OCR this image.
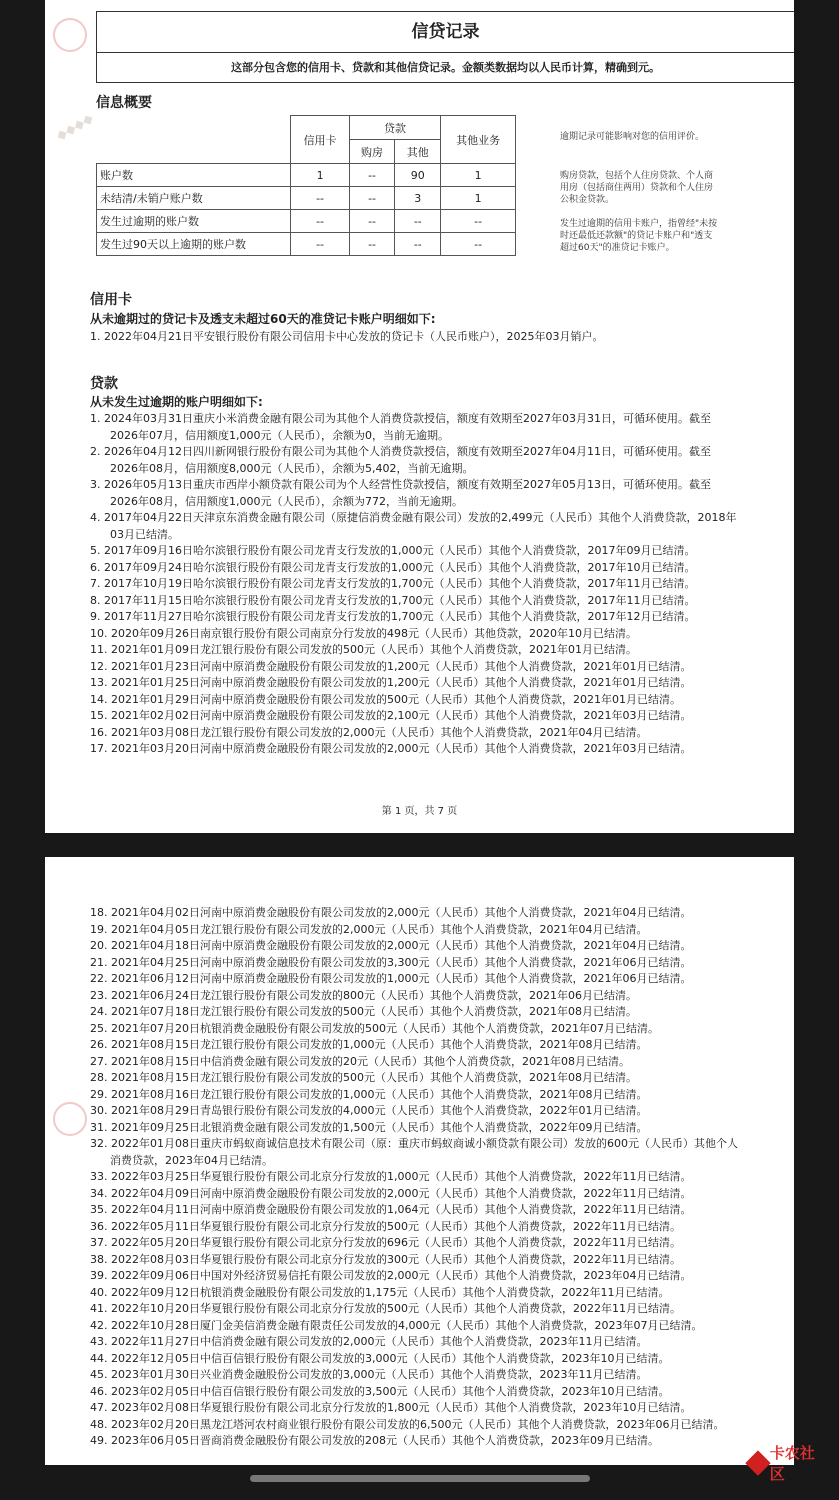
信贷记录
这部分包含您的信用卡、贷款和其他信贷记录。金额类数据均以人民币计算，精确到元。
信息概要
	信用卡	贷款		其他业务
		购房	其他	
账户数	1	--	90	1
未结清/未销户账户数	--	--	3	1
发生过逾期的账户数	--	--	--	--
发生过90天以上逾期的账户数	--	--	--	--
逾期记录可能影响对您的信用评价。
购房贷款，包括个人住房贷款、个人商用房（包括商住两用）贷款和个人住房公积金贷款。
发生过逾期的信用卡账户，指曾经"未按时还最低还款额"的贷记卡账户和"透支超过60天"的准贷记卡账户。
信用卡
从未逾期过的贷记卡及透支未超过60天的准贷记卡账户明细如下:
1. 2022年04月21日平安银行股份有限公司信用卡中心发放的贷记卡（人民币账户），2025年03月销户。
贷款
从未发生过逾期的账户明细如下:
1. 2024年03月31日重庆小米消费金融有限公司为其他个人消费贷款授信，额度有效期至2027年03月31日，可循环使用。截至
2026年07月，信用额度1,000元（人民币），余额为0，当前无逾期。
2. 2026年04月12日四川新网银行股份有限公司为其他个人消费贷款授信，额度有效期至2027年04月11日，可循环使用。截至
2026年08月，信用额度8,000元（人民币），余额为5,402，当前无逾期。
3. 2026年05月13日重庆市西岸小额贷款有限公司为个人经营性贷款授信，额度有效期至2027年05月13日，可循环使用。截至
2026年08月，信用额度1,000元（人民币），余额为772，当前无逾期。
4. 2017年04月22日天津京东消费金融有限公司（原捷信消费金融有限公司）发放的2,499元（人民币）其他个人消费贷款，2018年
03月已结清。
5. 2017年09月16日哈尔滨银行股份有限公司龙青支行发放的1,000元（人民币）其他个人消费贷款，2017年09月已结清。
6. 2017年09月24日哈尔滨银行股份有限公司龙青支行发放的1,000元（人民币）其他个人消费贷款，2017年10月已结清。
7. 2017年10月19日哈尔滨银行股份有限公司龙青支行发放的1,700元（人民币）其他个人消费贷款，2017年11月已结清。
8. 2017年11月15日哈尔滨银行股份有限公司龙青支行发放的1,700元（人民币）其他个人消费贷款，2017年11月已结清。
9. 2017年11月27日哈尔滨银行股份有限公司龙青支行发放的1,700元（人民币）其他个人消费贷款，2017年12月已结清。
10. 2020年09月26日南京银行股份有限公司南京分行发放的498元（人民币）其他贷款，2020年10月已结清。
11. 2021年01月09日龙江银行股份有限公司发放的500元（人民币）其他个人消费贷款，2021年01月已结清。
12. 2021年01月23日河南中原消费金融股份有限公司发放的1,200元（人民币）其他个人消费贷款，2021年01月已结清。
13. 2021年01月25日河南中原消费金融股份有限公司发放的1,200元（人民币）其他个人消费贷款，2021年01月已结清。
14. 2021年01月29日河南中原消费金融股份有限公司发放的500元（人民币）其他个人消费贷款，2021年01月已结清。
15. 2021年02月02日河南中原消费金融股份有限公司发放的2,100元（人民币）其他个人消费贷款，2021年03月已结清。
16. 2021年03月08日龙江银行股份有限公司发放的2,000元（人民币）其他个人消费贷款，2021年04月已结清。
17. 2021年03月20日河南中原消费金融股份有限公司发放的2,000元（人民币）其他个人消费贷款，2021年03月已结清。
◆◆◆◆
第 1 页，共 7 页
18. 2021年04月02日河南中原消费金融股份有限公司发放的2,000元（人民币）其他个人消费贷款，2021年04月已结清。
19. 2021年04月05日龙江银行股份有限公司发放的2,000元（人民币）其他个人消费贷款，2021年04月已结清。
20. 2021年04月18日河南中原消费金融股份有限公司发放的2,000元（人民币）其他个人消费贷款，2021年04月已结清。
21. 2021年04月25日河南中原消费金融股份有限公司发放的3,300元（人民币）其他个人消费贷款，2021年06月已结清。
22. 2021年06月12日河南中原消费金融股份有限公司发放的1,000元（人民币）其他个人消费贷款，2021年06月已结清。
23. 2021年06月24日龙江银行股份有限公司发放的800元（人民币）其他个人消费贷款，2021年06月已结清。
24. 2021年07月18日龙江银行股份有限公司发放的500元（人民币）其他个人消费贷款，2021年08月已结清。
25. 2021年07月20日杭银消费金融股份有限公司发放的500元（人民币）其他个人消费贷款，2021年07月已结清。
26. 2021年08月15日龙江银行股份有限公司发放的1,000元（人民币）其他个人消费贷款，2021年08月已结清。
27. 2021年08月15日中信消费金融有限公司发放的20元（人民币）其他个人消费贷款，2021年08月已结清。
28. 2021年08月15日龙江银行股份有限公司发放的500元（人民币）其他个人消费贷款，2021年08月已结清。
29. 2021年08月16日龙江银行股份有限公司发放的1,000元（人民币）其他个人消费贷款，2021年08月已结清。
30. 2021年08月29日青岛银行股份有限公司发放的4,000元（人民币）其他个人消费贷款，2022年01月已结清。
31. 2021年09月25日北银消费金融有限公司发放的1,500元（人民币）其他个人消费贷款，2022年09月已结清。
32. 2022年01月08日重庆市蚂蚁商诚信息技术有限公司（原：重庆市蚂蚁商诚小额贷款有限公司）发放的600元（人民币）其他个人
消费贷款，2023年04月已结清。
33. 2022年03月25日华夏银行股份有限公司北京分行发放的1,000元（人民币）其他个人消费贷款，2022年11月已结清。
34. 2022年04月09日河南中原消费金融股份有限公司发放的2,000元（人民币）其他个人消费贷款，2022年11月已结清。
35. 2022年04月11日河南中原消费金融股份有限公司发放的1,064元（人民币）其他个人消费贷款，2022年11月已结清。
36. 2022年05月11日华夏银行股份有限公司北京分行发放的500元（人民币）其他个人消费贷款，2022年11月已结清。
37. 2022年05月20日华夏银行股份有限公司北京分行发放的696元（人民币）其他个人消费贷款，2022年11月已结清。
38. 2022年08月03日华夏银行股份有限公司北京分行发放的300元（人民币）其他个人消费贷款，2022年11月已结清。
39. 2022年09月06日中国对外经济贸易信托有限公司发放的2,000元（人民币）其他个人消费贷款，2023年04月已结清。
40. 2022年09月12日杭银消费金融股份有限公司发放的1,175元（人民币）其他个人消费贷款，2022年11月已结清。
41. 2022年10月20日华夏银行股份有限公司北京分行发放的500元（人民币）其他个人消费贷款，2022年11月已结清。
42. 2022年10月28日厦门金美信消费金融有限责任公司发放的4,000元（人民币）其他个人消费贷款，2023年07月已结清。
43. 2022年11月27日中信消费金融有限公司发放的2,000元（人民币）其他个人消费贷款，2023年11月已结清。
44. 2022年12月05日中信百信银行股份有限公司发放的3,000元（人民币）其他个人消费贷款，2023年10月已结清。
45. 2023年01月30日兴业消费金融股份公司发放的3,000元（人民币）其他个人消费贷款，2023年11月已结清。
46. 2023年02月05日中信百信银行股份有限公司发放的3,500元（人民币）其他个人消费贷款，2023年10月已结清。
47. 2023年02月08日华夏银行股份有限公司北京分行发放的1,800元（人民币）其他个人消费贷款，2023年10月已结清。
48. 2023年02月20日黑龙江塔河农村商业银行股份有限公司发放的6,500元（人民币）其他个人消费贷款，2023年06月已结清。
49. 2023年06月05日晋商消费金融股份有限公司发放的208元（人民币）其他个人消费贷款，2023年09月已结清。
卡农社区
